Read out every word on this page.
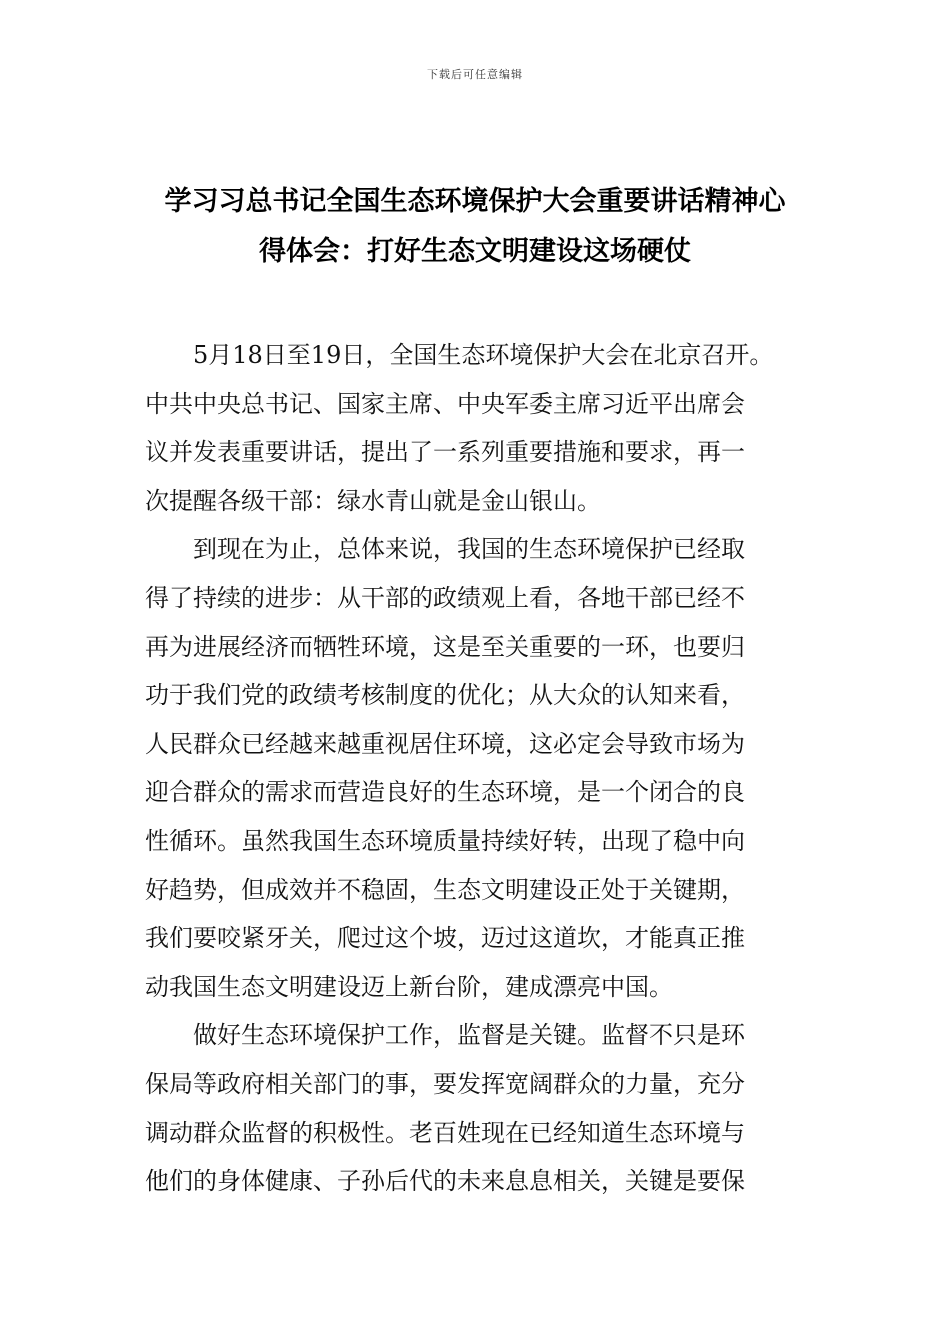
下载后可任意编辑
学习习总书记全国生态环境保护大会重要讲话精神心
得体会：打好生态文明建设这场硬仗
5月18日至19日，全国生态环境保护大会在北京召开。
中共中央总书记、国家主席、中央军委主席习近平出席会
议并发表重要讲话，提出了一系列重要措施和要求，再一
次提醒各级干部：绿水青山就是金山银山。
到现在为止，总体来说，我国的生态环境保护已经取
得了持续的进步：从干部的政绩观上看，各地干部已经不
再为进展经济而牺牲环境，这是至关重要的一环，也要归
功于我们党的政绩考核制度的优化；从大众的认知来看，
人民群众已经越来越重视居住环境，这必定会导致市场为
迎合群众的需求而营造良好的生态环境，是一个闭合的良
性循环。虽然我国生态环境质量持续好转，出现了稳中向
好趋势，但成效并不稳固，生态文明建设正处于关键期，
我们要咬紧牙关，爬过这个坡，迈过这道坎，才能真正推
动我国生态文明建设迈上新台阶，建成漂亮中国。
做好生态环境保护工作，监督是关键。监督不只是环
保局等政府相关部门的事，要发挥宽阔群众的力量，充分
调动群众监督的积极性。老百姓现在已经知道生态环境与
他们的身体健康、子孙后代的未来息息相关，关键是要保
